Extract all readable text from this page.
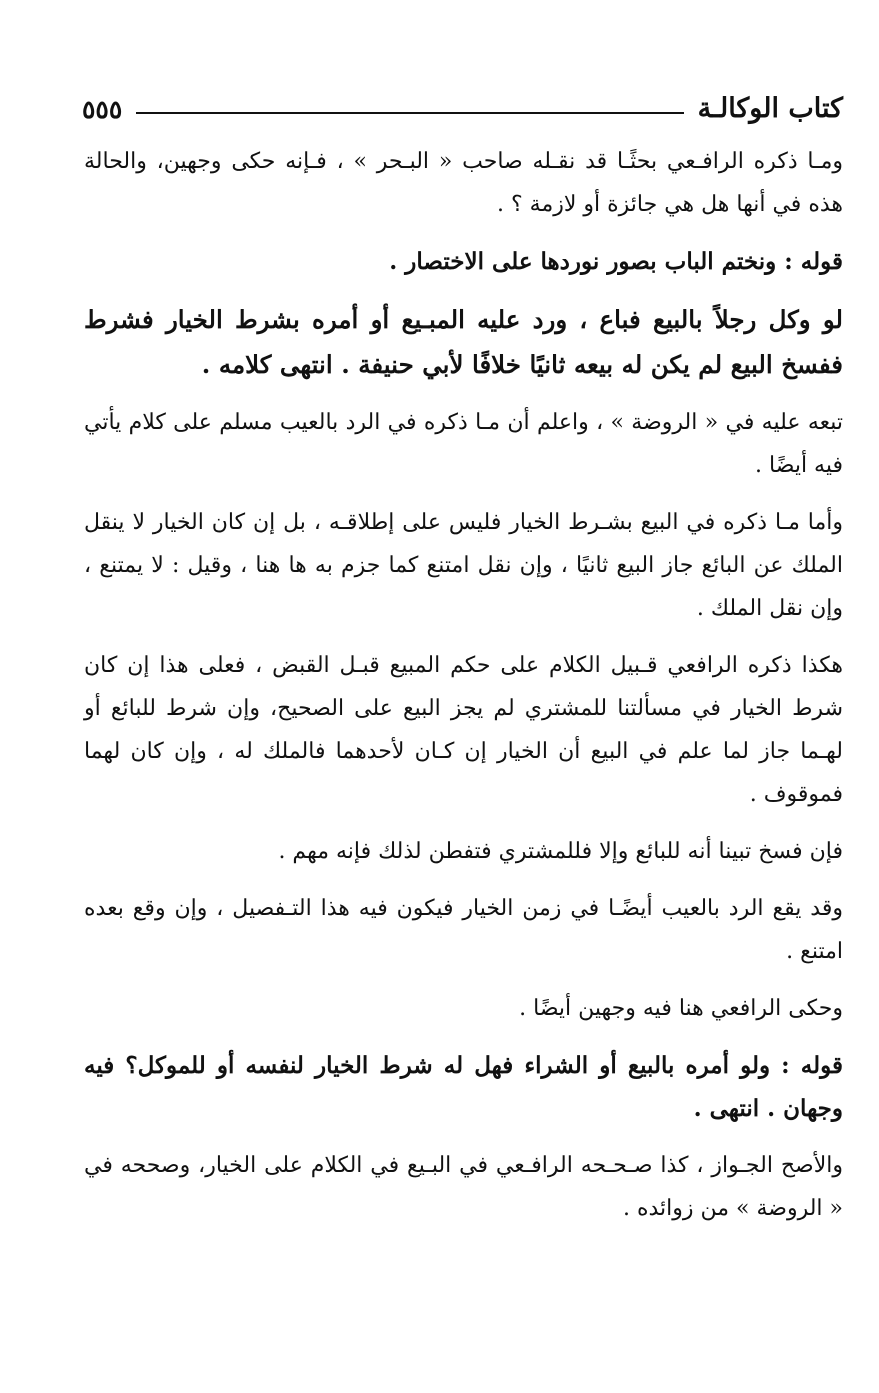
كتاب الوكالـة
٥٥٥

ومـا ذكره الرافـعي بحثًـا قد نقـله صاحب « البـحر » ، فـإنه حكى وجهين، والحالة هذه في أنها هل هي جائزة أو لازمة ؟ .

قوله : ونختم الباب بصور نوردها على الاختصار .

لو وكل رجلاً بالبيع فباع ، ورد عليه المبـيع أو أمره بشرط الخيار فشرط ففسخ البيع لم يكن له بيعه ثانيًا خلافًا لأبي حنيفة . انتهى كلامه .

تبعه عليه في « الروضة » ، واعلم أن مـا ذكره في الرد بالعيب مسلم على كلام يأتي فيه أيضًا .

وأما مـا ذكره في البيع بشـرط الخيار فليس على إطلاقـه ، بل إن كان الخيار لا ينقل الملك عن البائع جاز البيع ثانيًا ، وإن نقل امتنع كما جزم به ها هنا ، وقيل : لا يمتنع ، وإن نقل الملك .

هكذا ذكره الرافعي قـبيل الكلام على حكم المبيع قبـل القبض ، فعلى هذا إن كان شرط الخيار في مسألتنا للمشتري لم يجز البيع على الصحيح، وإن شرط للبائع أو لهـما جاز لما علم في البيع أن الخيار إن كـان لأحدهما فالملك له ، وإن كان لهما فموقوف .

فإن فسخ تبينا أنه للبائع وإلا فللمشتري فتفطن لذلك فإنه مهم .

وقد يقع الرد بالعيب أيضًـا في زمن الخيار فيكون فيه هذا التـفصيل ، وإن وقع بعده امتنع .

وحكى الرافعي هنا فيه وجهين أيضًا .

قوله : ولو أمره بالبيع أو الشراء فهل له شرط الخيار لنفسه أو للموكل؟ فيه وجهان . انتهى .

والأصح الجـواز ، كذا صـحـحه الرافـعي في البـيع في الكلام على الخيار، وصححه في « الروضة » من زوائده .
